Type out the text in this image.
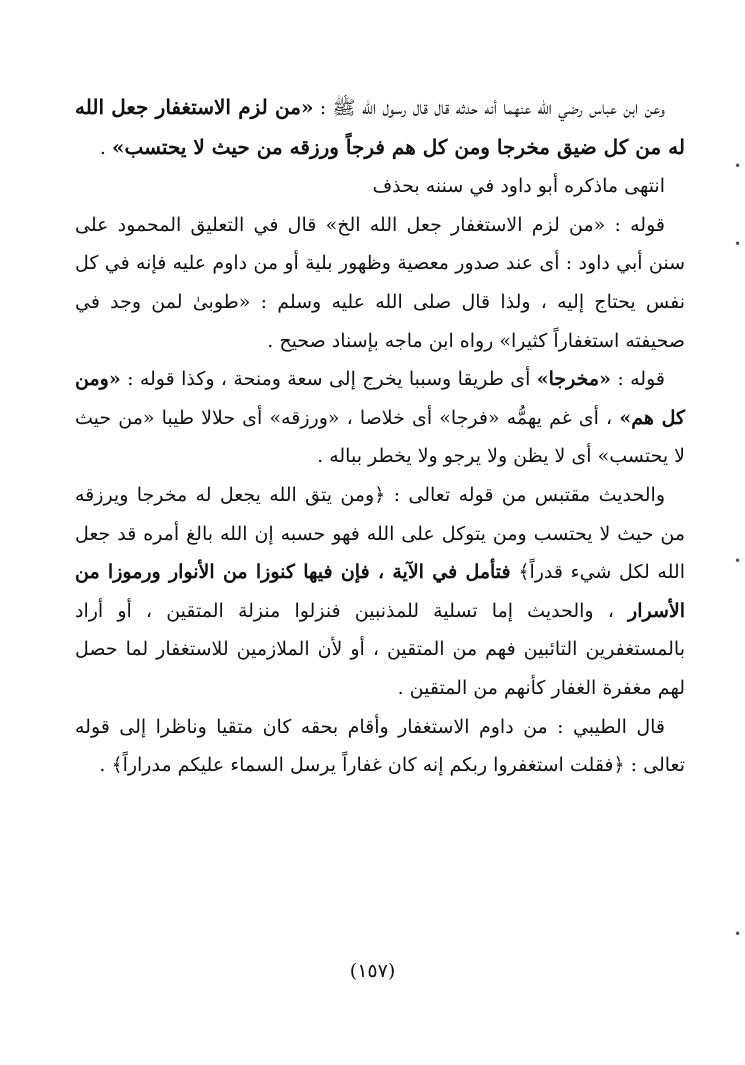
وعن ابن عباس رضي الله عنهما أنه حدثه قال قال رسول الله ﷺ : «من لزم الاستغفار جعل الله له من كل ضيق مخرجا ومن كل هم فرجاً ورزقه من حيث لا يحتسب» .

انتهى ماذكره أبو داود في سننه بحذف

قوله : «من لزم الاستغفار جعل الله الخ» قال في التعليق المحمود على سنن أبي داود : أى عند صدور معصية وظهور بلية أو من داوم عليه فإنه في كل نفس يحتاج إليه ، ولذا قال صلى الله عليه وسلم : «طوبىٰ لمن وجد في صحيفته استغفاراً كثيرا» رواه ابن ماجه بإسناد صحيح .

قوله : «مخرجا» أى طريقا وسببا يخرج إلى سعة ومنحة ، وكذا قوله : «ومن كل هم» ، أى غم يهمُّه «فرجا» أى خلاصا ، «ورزقه» أى حلالا طيبا «من حيث لا يحتسب» أى لا يظن ولا يرجو ولا يخطر بباله .

والحديث مقتبس من قوله تعالى : ﴿ومن يتق الله يجعل له مخرجا ويرزقه من حيث لا يحتسب ومن يتوكل على الله فهو حسبه إن الله بالغ أمره قد جعل الله لكل شيء قدراً﴾ فتأمل في الآية ، فإن فيها كنوزا من الأنوار ورموزا من الأسرار ، والحديث إما تسلية للمذنبين فنزلوا منزلة المتقين ، أو أراد بالمستغفرين التائبين فهم من المتقين ، أو لأن الملازمين للاستغفار لما حصل لهم مغفرة الغفار كأنهم من المتقين .

قال الطيبي : من داوم الاستغفار وأقام بحقه كان متقيا وناظرا إلى قوله تعالى : ﴿فقلت استغفروا ربكم إنه كان غفاراً يرسل السماء عليكم مدراراً﴾ .

(١٥٧)
•
•
•
•
